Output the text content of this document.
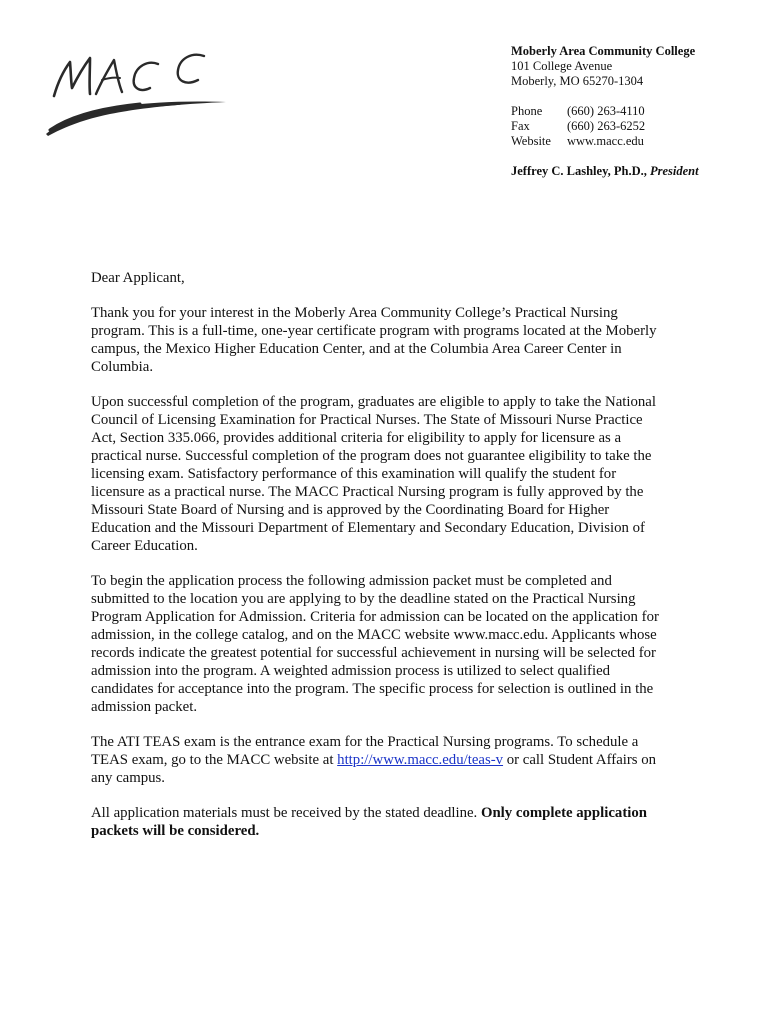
Moberly Area Community College
101 College Avenue
Moberly, MO 65270-1304
Phone	(660) 263-4110
Fax	(660) 263-6252
Website	www.macc.edu
Jeffrey C. Lashley, Ph.D., President

Dear Applicant,

Thank you for your interest in the Moberly Area Community College’s Practical Nursing
program. This is a full-time, one-year certificate program with programs located at the Moberly
campus, the Mexico Higher Education Center, and at the Columbia Area Career Center in
Columbia.

Upon successful completion of the program, graduates are eligible to apply to take the National
Council of Licensing Examination for Practical Nurses. The State of Missouri Nurse Practice
Act, Section 335.066, provides additional criteria for eligibility to apply for licensure as a
practical nurse. Successful completion of the program does not guarantee eligibility to take the
licensing exam. Satisfactory performance of this examination will qualify the student for
licensure as a practical nurse. The MACC Practical Nursing program is fully approved by the
Missouri State Board of Nursing and is approved by the Coordinating Board for Higher
Education and the Missouri Department of Elementary and Secondary Education, Division of
Career Education.

To begin the application process the following admission packet must be completed and
submitted to the location you are applying to by the deadline stated on the Practical Nursing
Program Application for Admission. Criteria for admission can be located on the application for
admission, in the college catalog, and on the MACC website www.macc.edu. Applicants whose
records indicate the greatest potential for successful achievement in nursing will be selected for
admission into the program. A weighted admission process is utilized to select qualified
candidates for acceptance into the program. The specific process for selection is outlined in the
admission packet.

The ATI TEAS exam is the entrance exam for the Practical Nursing programs. To schedule a
TEAS exam, go to the MACC website at http://www.macc.edu/teas-v or call Student Affairs on
any campus.

All application materials must be received by the stated deadline. Only complete application
packets will be considered.
